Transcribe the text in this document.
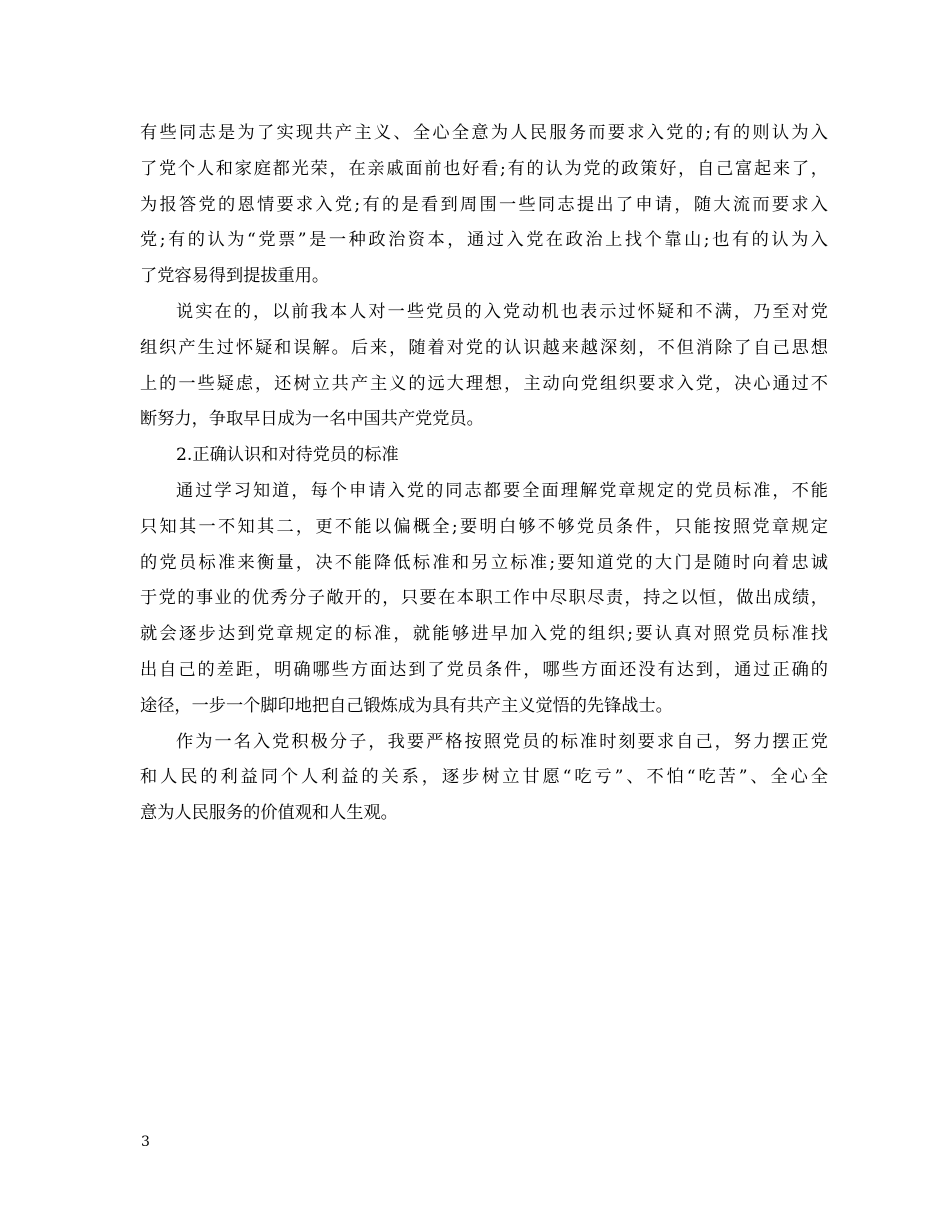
有些同志是为了实现共产主义、全心全意为人民服务而要求入党的;有的则认为入
了党个人和家庭都光荣，在亲戚面前也好看;有的认为党的政策好，自己富起来了，
为报答党的恩情要求入党;有的是看到周围一些同志提出了申请，随大流而要求入
党;有的认为“党票”是一种政治资本，通过入党在政治上找个靠山;也有的认为入
了党容易得到提拔重用。
说实在的，以前我本人对一些党员的入党动机也表示过怀疑和不满，乃至对党
组织产生过怀疑和误解。后来，随着对党的认识越来越深刻，不但消除了自己思想
上的一些疑虑，还树立共产主义的远大理想，主动向党组织要求入党，决心通过不
断努力，争取早日成为一名中国共产党党员。
2.正确认识和对待党员的标准
通过学习知道，每个申请入党的同志都要全面理解党章规定的党员标准，不能
只知其一不知其二，更不能以偏概全;要明白够不够党员条件，只能按照党章规定
的党员标准来衡量，决不能降低标准和另立标准;要知道党的大门是随时向着忠诚
于党的事业的优秀分子敞开的，只要在本职工作中尽职尽责，持之以恒，做出成绩，
就会逐步达到党章规定的标准，就能够进早加入党的组织;要认真对照党员标准找
出自己的差距，明确哪些方面达到了党员条件，哪些方面还没有达到，通过正确的
途径，一步一个脚印地把自己锻炼成为具有共产主义觉悟的先锋战士。
作为一名入党积极分子，我要严格按照党员的标准时刻要求自己，努力摆正党
和人民的利益同个人利益的关系，逐步树立甘愿“吃亏”、不怕“吃苦”、全心全
意为人民服务的价值观和人生观。
3
